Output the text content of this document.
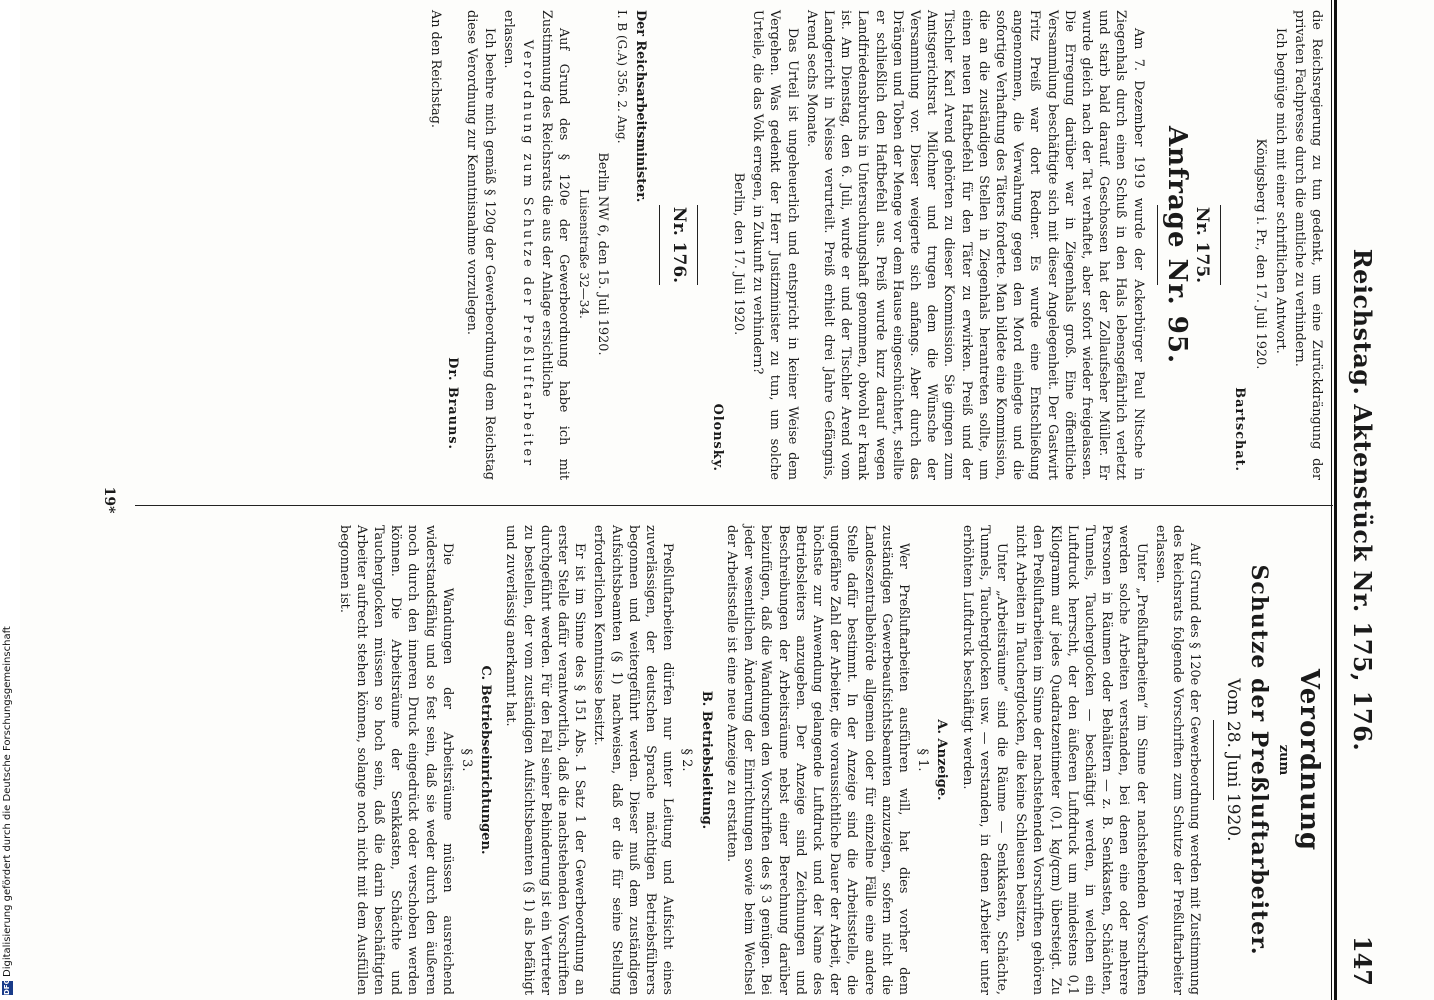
Reichstag. Aktenstück Nr. 175, 176.
147

die Reichsregierung zu tun gedenkt, um eine Zurückdrängung der privaten Fachpresse durch die amtliche zu verhindern.

Ich begnüge mich mit einer schriftlichen Antwort.

Königsberg i. Pr., den 17. Juli 1920.

Bartschat.
Nr. 175.
Anfrage Nr. 95.

Am 7. Dezember 1919 wurde der Ackerbürger Paul Nitsche in Ziegenhals durch einen Schuß in den Hals lebensgefährlich verletzt und starb bald darauf. Geschossen hat der Zollaufseher Müller. Er wurde gleich nach der Tat verhaftet, aber sofort wieder freigelassen. Die Erregung darüber war in Ziegenhals groß. Eine öffentliche Versammlung beschäftigte sich mit dieser Angelegenheit. Der Gastwirt Fritz Preiß war dort Redner. Es wurde eine Entschließung angenommen, die Verwahrung gegen den Mord einlegte und die sofortige Verhaftung des Täters forderte. Man bildete eine Kommission, die an die zuständigen Stellen in Ziegenhals herantreten sollte, um einen neuen Haftbefehl für den Täter zu erwirken. Preiß und der Tischler Karl Arend gehörten zu dieser Kommission. Sie gingen zum Amtsgerichtsrat Milchner und trugen dem die Wünsche der Versammlung vor. Dieser weigerte sich anfangs. Aber durch das Drängen und Toben der Menge vor dem Hause eingeschüchtert, stellte er schließlich den Haftbefehl aus. Preiß wurde kurz darauf wegen Landfriedensbruchs in Untersuchungshaft genommen, obwohl er krank ist. Am Dienstag, den 6. Juli, wurde er und der Tischler Arend vom Landgericht in Neisse verurteilt. Preiß erhielt drei Jahre Gefängnis, Arend sechs Monate.

Das Urteil ist ungeheuerlich und entspricht in keiner Weise dem Vergehen. Was gedenkt der Herr Justizminister zu tun, um solche Urteile, die das Volk erregen, in Zukunft zu verhindern?

Berlin, den 17. Juli 1920.

Olonsky.
Nr. 176.

Der Reichsarbeitsminister.

I. B (G.A) 356. 2. Ang.

Berlin NW 6, den 15. Juli 1920.

Luisenstraße 32—34.

Auf Grund des § 120e der Gewerbeordnung habe ich mit Zustimmung des Reichsrats die aus der Anlage ersichtliche

Verordnung zum Schutze der Preßluftarbeiter

erlassen.

Ich beehre mich gemäß § 120g der Gewerbeordnung dem Reichstag diese Verordnung zur Kenntnisnahme vorzulegen.

Dr. Brauns.

An den Reichstag.

Verordnung
zum
Schutze der Preßluftarbeiter.
Vom 28. Juni 1920.

Auf Grund des § 120e der Gewerbeordnung werden mit Zustimmung des Reichsrats folgende Vorschriften zum Schutze der Preßluftarbeiter erlassen.

Unter „Preßluftarbeiten“ im Sinne der nachstehenden Vorschriften werden solche Arbeiten verstanden, bei denen eine oder mehrere Personen in Räumen oder Behältern — z. B. Senkkasten, Schächten, Tunnels, Taucherglocken — beschäftigt werden, in welchen ein Luftdruck herrscht, der den äußeren Luftdruck um mindestens 0,1 Kilogramm auf jedes Quadratzentimeter (0,1 kg/qcm) übersteigt. Zu den Preßluftarbeiten im Sinne der nachstehenden Vorschriften gehören nicht Arbeiten in Taucherglocken, die keine Schleusen besitzen.

Unter „Arbeitsräume“ sind die Räume — Senkkasten, Schächte, Tunnels, Taucherglocken usw. — verstanden, in denen Arbeiter unter erhöhtem Luftdruck beschäftigt werden.

A. Anzeige.
§ 1.

Wer Preßluftarbeiten ausführen will, hat dies vorher dem zuständigen Gewerbeaufsichtsbeamten anzuzeigen, sofern nicht die Landeszentralbehörde allgemein oder für einzelne Fälle eine andere Stelle dafür bestimmt. In der Anzeige sind die Arbeitsstelle, die ungefähre Zahl der Arbeiter, die voraussichtliche Dauer der Arbeit, der höchste zur Anwendung gelangende Luftdruck und der Name des Betriebsleiters anzugeben. Der Anzeige sind Zeichnungen und Beschreibungen der Arbeitsräume nebst einer Berechnung darüber beizufügen, daß die Wandungen den Vorschriften des § 3 genügen. Bei jeder wesentlichen Änderung der Einrichtungen sowie beim Wechsel der Arbeitsstelle ist eine neue Anzeige zu erstatten.

B. Betriebsleitung.
§ 2.

Preßluftarbeiten dürfen nur unter Leitung und Aufsicht eines zuverlässigen, der deutschen Sprache mächtigen Betriebsführers begonnen und weitergeführt werden. Dieser muß dem zuständigen Aufsichtsbeamten (§ 1) nachweisen, daß er die für seine Stellung erforderlichen Kenntnisse besitzt.

Er ist im Sinne des § 151 Abs. 1 Satz 1 der Gewerbeordnung an erster Stelle dafür verantwortlich, daß die nachstehenden Vorschriften durchgeführt werden. Für den Fall seiner Behinderung ist ein Vertreter zu bestellen, der vom zuständigen Aufsichtsbeamten (§ 1) als befähigt und zuverlässig anerkannt hat.

C. Betriebseinrichtungen.
§ 3.

Die Wandungen der Arbeitsräume müssen ausreichend widerstandsfähig und so fest sein, daß sie weder durch den äußeren noch durch den inneren Druck eingedrückt oder verschoben werden können. Die Arbeitsräume der Senkkasten, Schächte und Taucherglocken müssen so hoch sein, daß die darin beschäftigten Arbeiter aufrecht stehen können, solange noch nicht mit dem Ausfüllen begonnen ist.

19*
DFG
Digitalisierung gefördert durch die Deutsche Forschungsgemeinschaft
